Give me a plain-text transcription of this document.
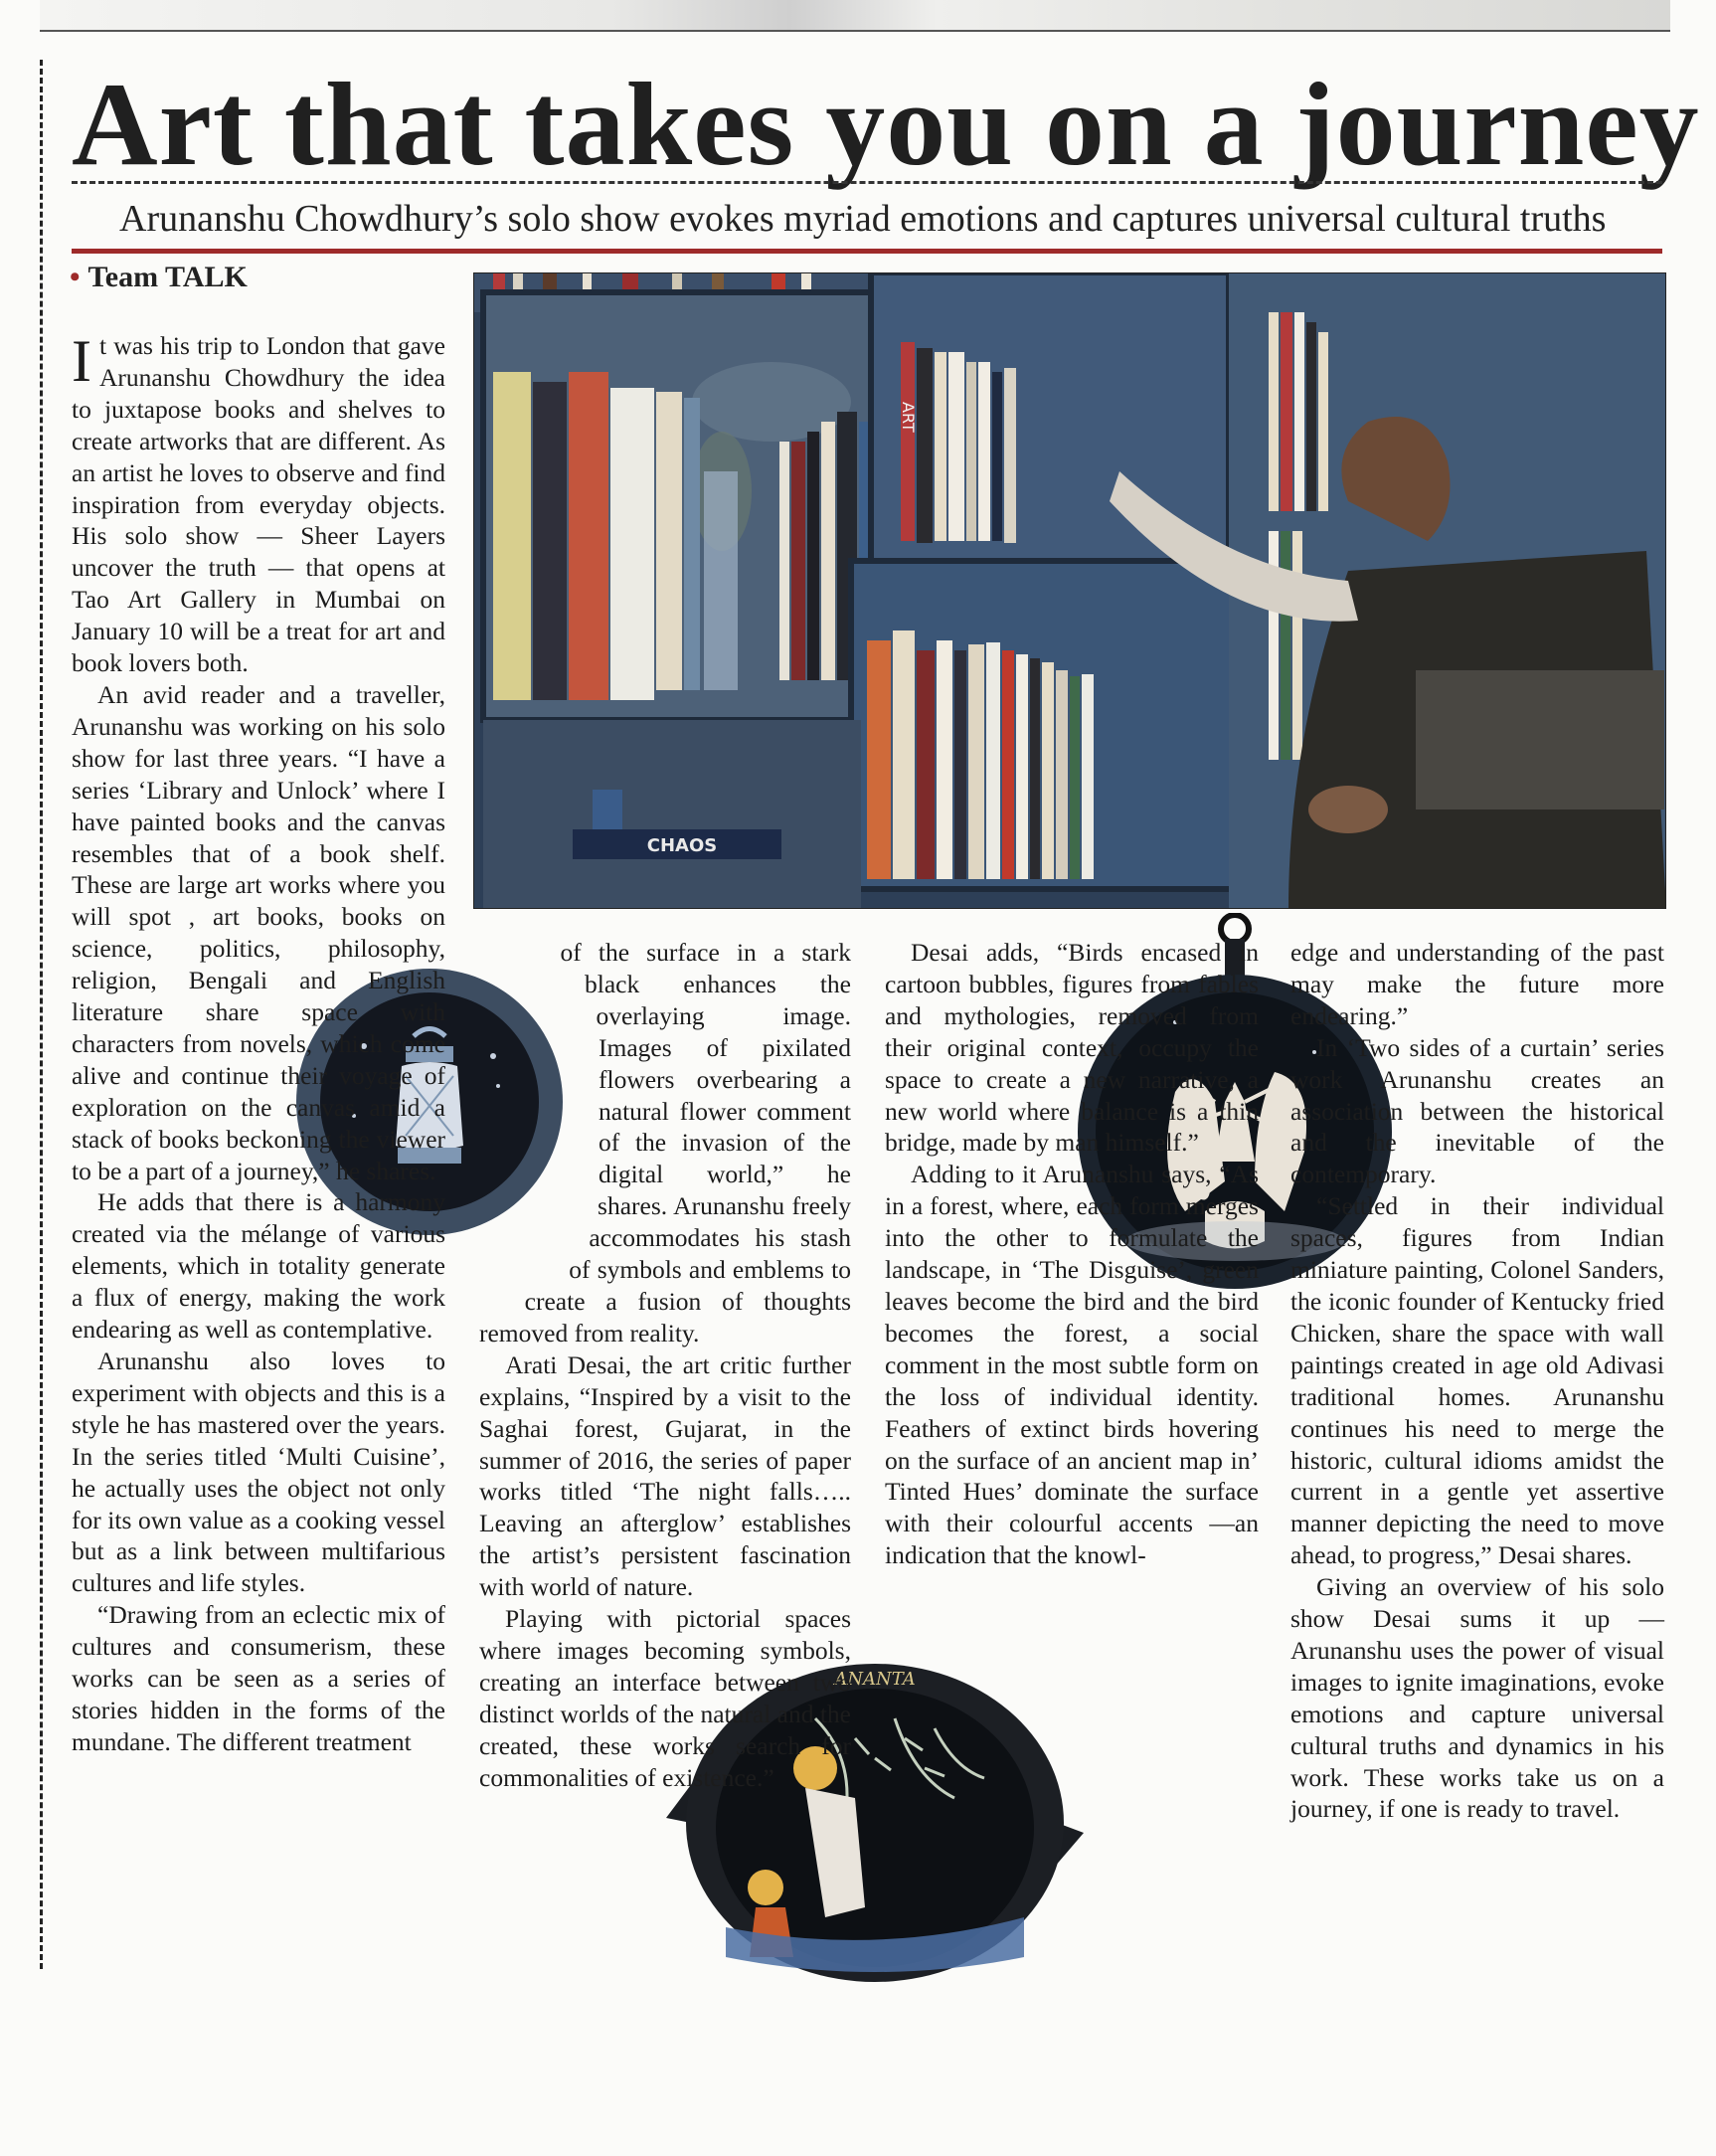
Art that takes you on a journey

Arunanshu Chowdhury’s solo show evokes myriad emotions and captures universal cultural truths

• Team TALK
CHAOS
ART
ANANTA

It was his trip to London that gave Arunanshu Chowdhury the idea to juxtapose books and shelves to create artworks that are different. As an artist he loves to observe and find inspiration from everyday objects. His solo show — Sheer Layers uncover the truth — that opens at Tao Art Gallery in Mumbai on January 10 will be a treat for art and book lovers both.

An avid reader and a traveller, Arunanshu was working on his solo show for last three years. “I have a series ‘Library and Unlock’ where I have painted books and the canvas resembles that of a book shelf. These are large art works where you will spot , art books, books on science, politics, philosophy, religion, Bengali and English literature share space with characters from novels, which come alive and continue their voyage of exploration on the canvas amid a stack of books beckoning the viewer to be a part of a journey,” he shares.

He adds that there is a harmony created via the mélange of various elements, which in totality generate a flux of energy, making the work endearing as well as contemplative.

Arunanshu also loves to experiment with objects and this is a style he has mastered over the years. In the series titled ‘Multi Cuisine’, he actually uses the object not only for its own value as a cooking vessel but as a link between multifarious cultures and life styles.

“Drawing from an eclectic mix of cultures and consumerism, these works can be seen as a series of stories hidden in the forms of the mundane. The different treatment

of the surface in a stark black enhances the overlaying image. Images of pixilated flowers overbearing a natural flower comment of the invasion of the digital world,” he shares. Arunanshu freely accommodates his stash of symbols and emblems to create a fusion of thoughts removed from reality.

Arati Desai, the art critic further explains, “Inspired by a visit to the Saghai forest, Gujarat, in the summer of 2016, the series of paper works titled ‘The night falls….. Leaving an afterglow’ establishes the artist’s persistent fascination with world of nature.

Playing with pictorial spaces where images becoming symbols, creating an interface between two distinct worlds of the natural and the created, these works search for commonalities of existence.”

Desai adds, “Birds encased in cartoon bubbles, figures from fables and mythologies, removed from their original context, occupy the space to create a new narrative, a new world where balance is a thin bridge, made by man himself.”

Adding to it Arunanshu says, “As in a forest, where, each form merges into the other to formulate the landscape, in ‘The Disguise’, green leaves become the bird and the bird becomes the forest, a social comment in the most subtle form on the loss of individual identity. Feathers of extinct birds hovering on the surface of an ancient map in’ Tinted Hues’ dominate the surface with their colourful accents —an indication that the knowl-

edge and understanding of the past may make the future more endearing.”

In ‘Two sides of a curtain’ series work Arunanshu creates an association between the historical and the inevitable of the contemporary.

“Settled in their individual spaces, figures from Indian miniature painting, Colonel Sanders, the iconic founder of Kentucky fried Chicken, share the space with wall paintings created in age old Adivasi traditional homes. Arunanshu continues his need to merge the historic, cultural idioms amidst the current in a gentle yet assertive manner depicting the need to move ahead, to progress,” Desai shares.

Giving an overview of his solo show Desai sums it up — Arunanshu uses the power of visual images to ignite imaginations, evoke emotions and capture universal cultural truths and dynamics in his work. These works take us on a journey, if one is ready to travel.
